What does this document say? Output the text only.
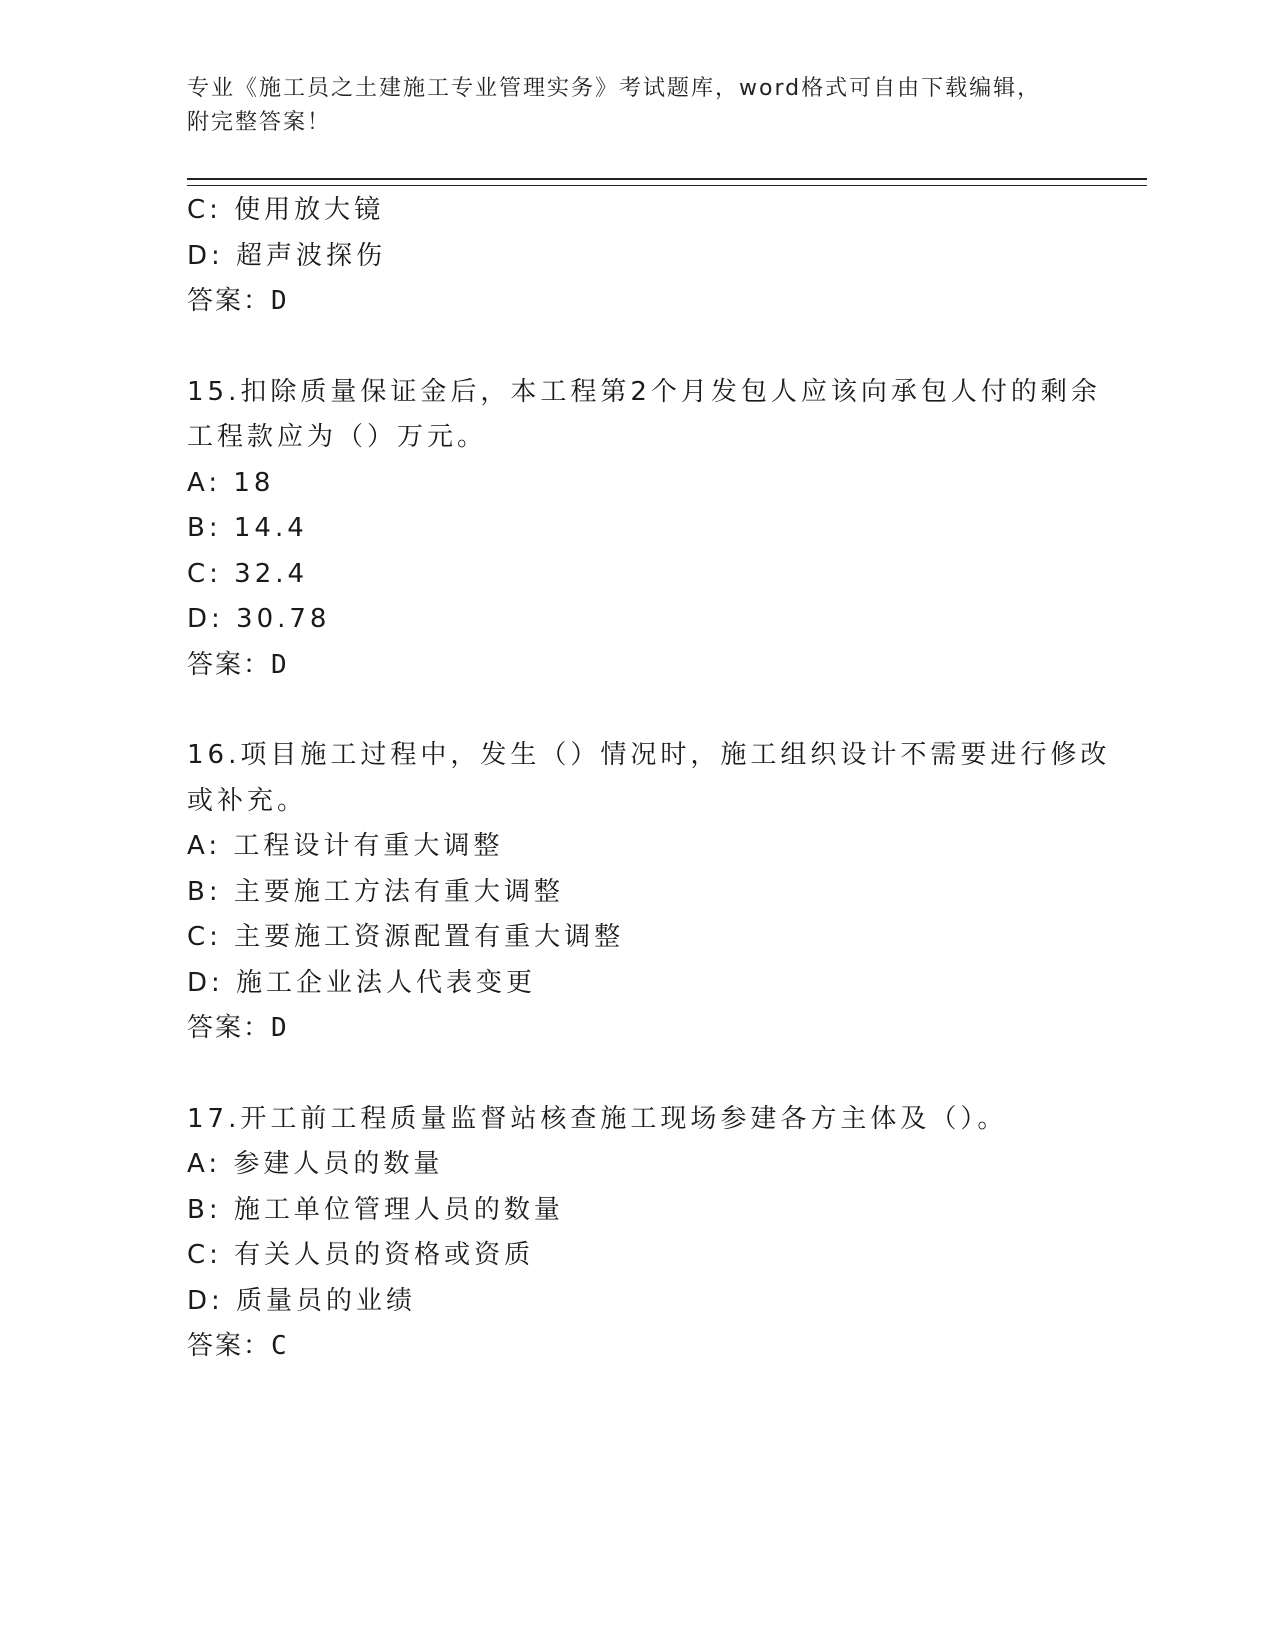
专业《施工员之土建施工专业管理实务》考试题库，word格式可自由下载编辑，
附完整答案！
C: 使用放大镜
D: 超声波探伤
答案：D
15.扣除质量保证金后，本工程第2个月发包人应该向承包人付的剩余
工程款应为（）万元。
A: 18
B: 14.4
C: 32.4
D: 30.78
答案：D
16.项目施工过程中，发生（）情况时，施工组织设计不需要进行修改
或补充。
A: 工程设计有重大调整
B: 主要施工方法有重大调整
C: 主要施工资源配置有重大调整
D: 施工企业法人代表变更
答案：D
17.开工前工程质量监督站核查施工现场参建各方主体及（）。
A: 参建人员的数量
B: 施工单位管理人员的数量
C: 有关人员的资格或资质
D: 质量员的业绩
答案：C
